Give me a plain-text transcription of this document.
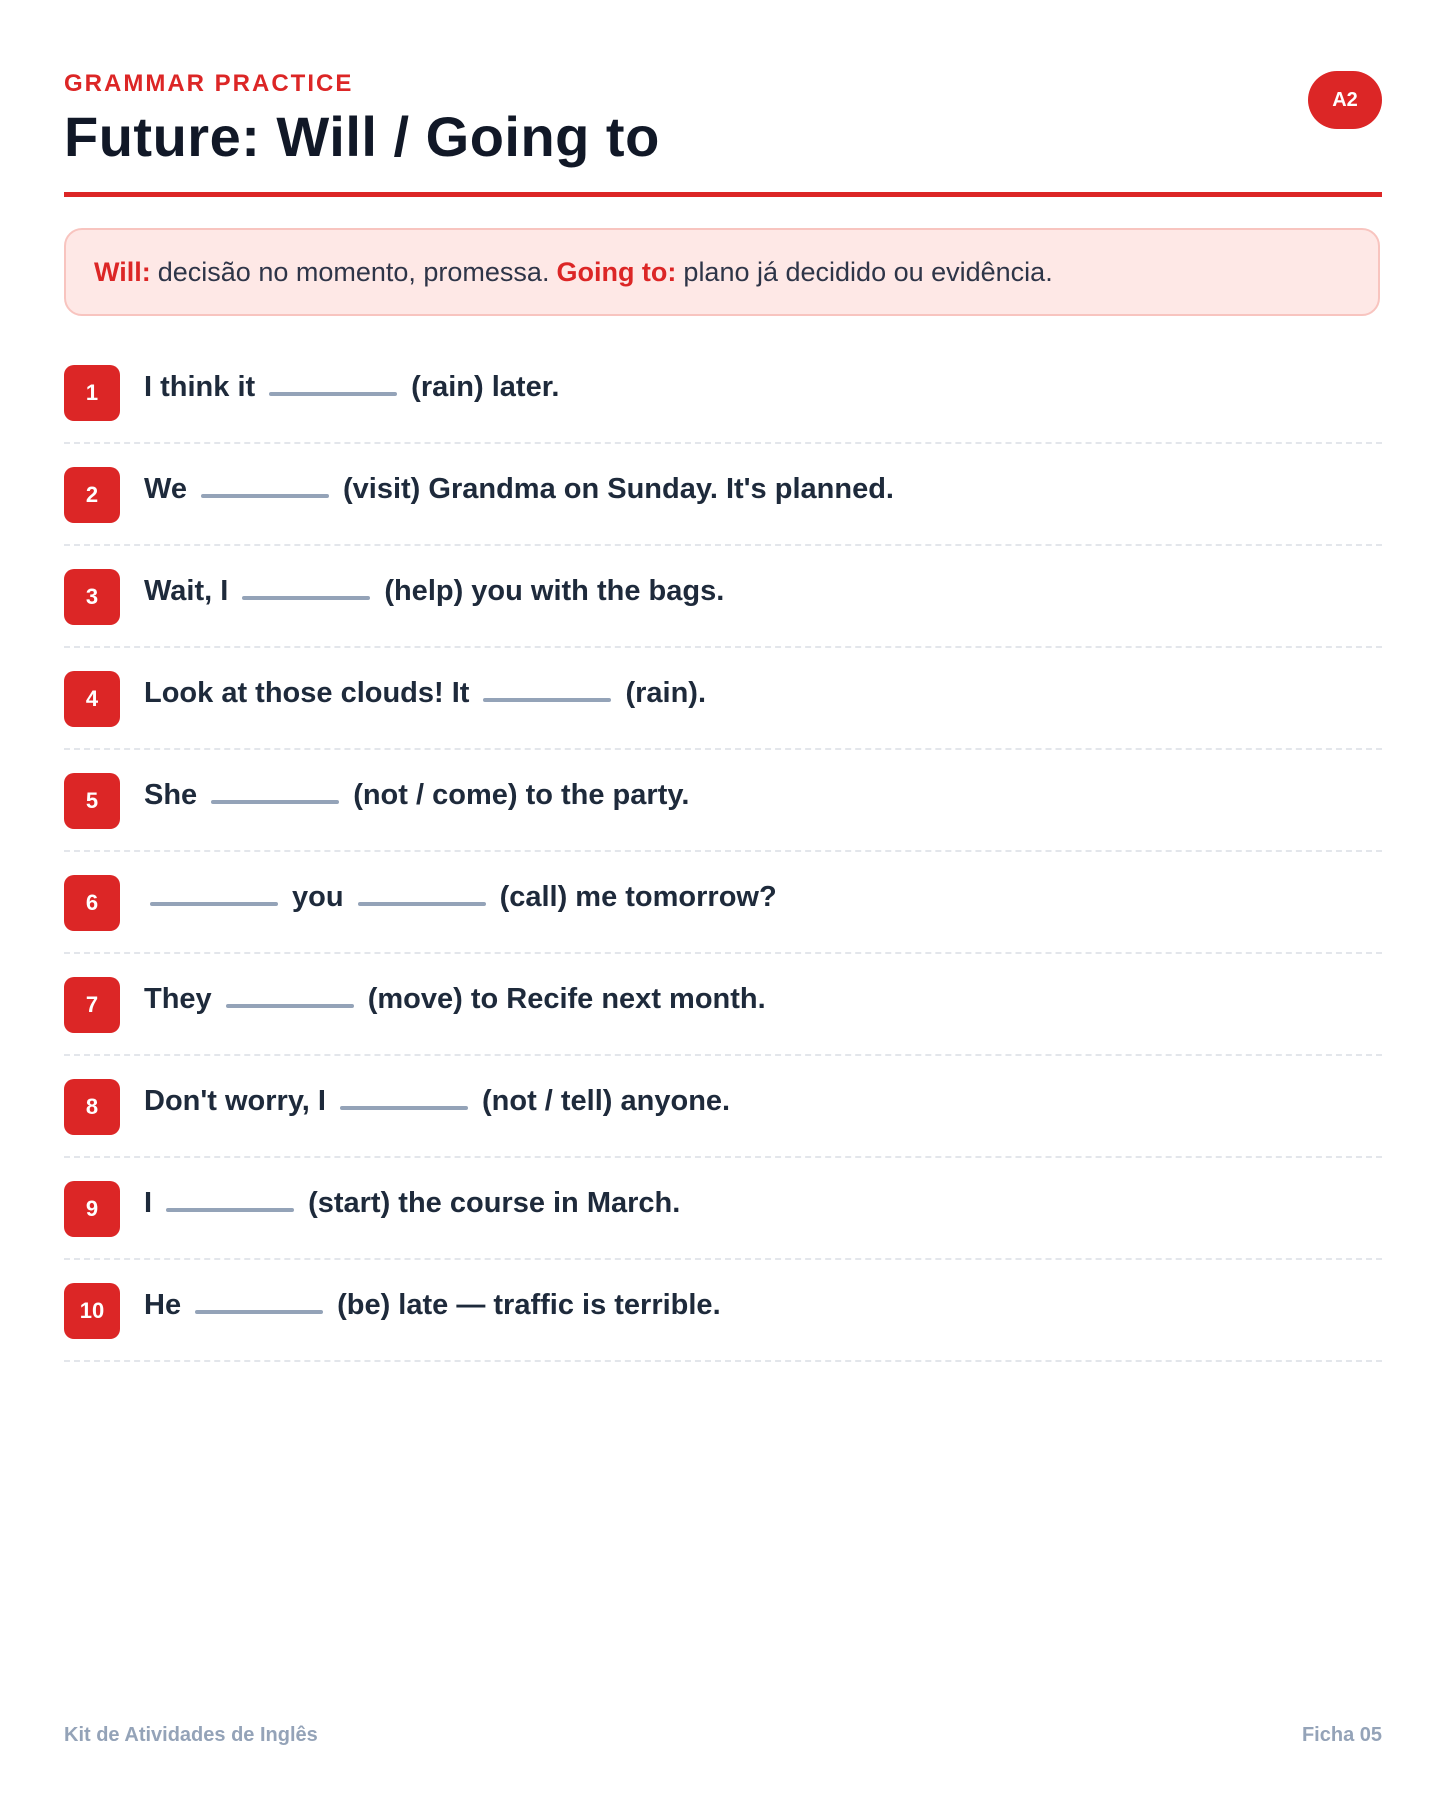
GRAMMAR PRACTICE
Future: Will / Going to
A2
Will: decisão no momento, promessa. Going to: plano já decidido ou evidência.
1	I think it	(rain) later.
2	We	(visit) Grandma on Sunday. It's planned.
3	Wait, I	(help) you with the bags.
4	Look at those clouds! It	(rain).
5	She	(not / come) to the party.
6	you	(call) me tomorrow?
7	They	(move) to Recife next month.
8	Don't worry, I	(not / tell) anyone.
9	I	(start) the course in March.
10	He	(be) late — traffic is terrible.
Kit de Atividades de Inglês	Ficha 05
